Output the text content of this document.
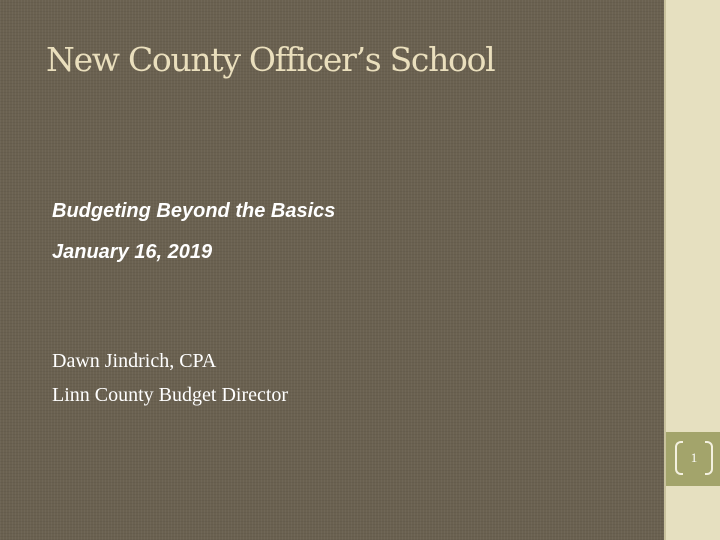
New County Officer’s School
Budgeting Beyond the Basics
January 16, 2019
Dawn Jindrich, CPA
Linn County Budget Director
1
